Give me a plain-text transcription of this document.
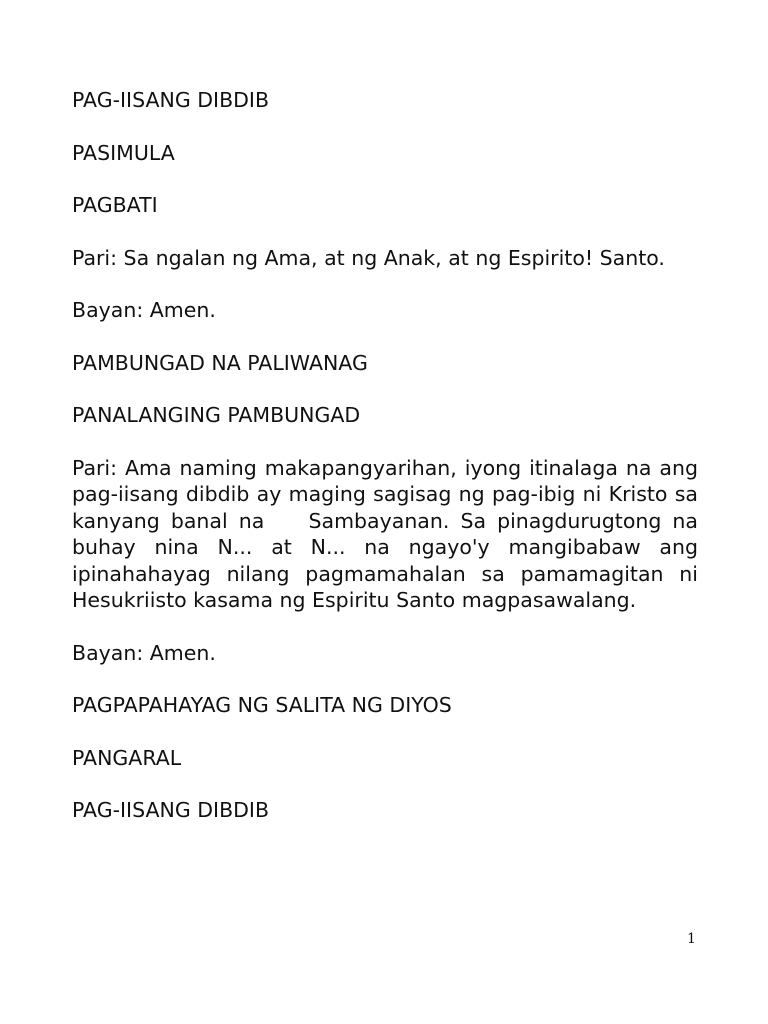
PAG-IISANG DIBDIB

PASIMULA

PAGBATI

Pari: Sa ngalan ng Ama, at ng Anak, at ng Espirito! Santo.

Bayan: Amen.

PAMBUNGAD NA PALIWANAG

PANALANGING PAMBUNGAD

Pari: Ama naming makapangyarihan, iyong itinalaga na ang pag-iisang dibdib ay maging sagisag ng pag-ibig ni Kristo sa kanyang banal na    Sambayanan. Sa pinagdurugtong na buhay nina N... at N... na ngayo'y mangibabaw ang ipinahahayag nilang pagmamahalan sa pamamagitan ni Hesukriisto kasama ng Espiritu Santo magpasawalang.

Bayan: Amen.

PAGPAPAHAYAG NG SALITA NG DIYOS

PANGARAL

PAG-IISANG DIBDIB

1
